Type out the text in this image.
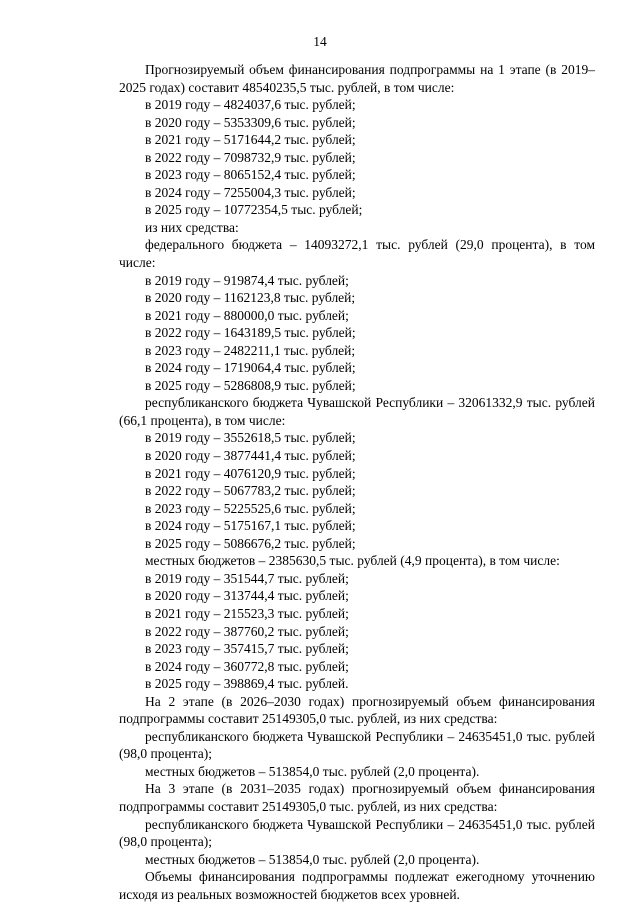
14

Прогнозируемый объем финансирования подпрограммы на 1 этапе (в 2019–2025 годах) составит 48540235,5 тыс. рублей, в том числе:

в 2019 году – 4824037,6 тыс. рублей;

в 2020 году – 5353309,6 тыс. рублей;

в 2021 году – 5171644,2 тыс. рублей;

в 2022 году – 7098732,9 тыс. рублей;

в 2023 году – 8065152,4 тыс. рублей;

в 2024 году – 7255004,3 тыс. рублей;

в 2025 году – 10772354,5 тыс. рублей;

из них средства:

федерального бюджета – 14093272,1 тыс. рублей (29,0 процента), в том числе:

в 2019 году – 919874,4 тыс. рублей;

в 2020 году – 1162123,8 тыс. рублей;

в 2021 году – 880000,0 тыс. рублей;

в 2022 году – 1643189,5 тыс. рублей;

в 2023 году – 2482211,1 тыс. рублей;

в 2024 году – 1719064,4 тыс. рублей;

в 2025 году – 5286808,9 тыс. рублей;

республиканского бюджета Чувашской Республики – 32061332,9 тыс. рублей (66,1 процента), в том числе:

в 2019 году – 3552618,5 тыс. рублей;

в 2020 году – 3877441,4 тыс. рублей;

в 2021 году – 4076120,9 тыс. рублей;

в 2022 году – 5067783,2 тыс. рублей;

в 2023 году – 5225525,6 тыс. рублей;

в 2024 году – 5175167,1 тыс. рублей;

в 2025 году – 5086676,2 тыс. рублей;

местных бюджетов – 2385630,5 тыс. рублей (4,9 процента), в том числе:

в 2019 году – 351544,7 тыс. рублей;

в 2020 году – 313744,4 тыс. рублей;

в 2021 году – 215523,3 тыс. рублей;

в 2022 году – 387760,2 тыс. рублей;

в 2023 году – 357415,7 тыс. рублей;

в 2024 году – 360772,8 тыс. рублей;

в 2025 году – 398869,4 тыс. рублей.

На 2 этапе (в 2026–2030 годах) прогнозируемый объем финансирования подпрограммы составит 25149305,0 тыс. рублей, из них средства:

республиканского бюджета Чувашской Республики – 24635451,0 тыс. рублей (98,0 процента);

местных бюджетов – 513854,0 тыс. рублей (2,0 процента).

На 3 этапе (в 2031–2035 годах) прогнозируемый объем финансирования подпрограммы составит 25149305,0 тыс. рублей, из них средства:

республиканского бюджета Чувашской Республики – 24635451,0 тыс. рублей (98,0 процента);

местных бюджетов – 513854,0 тыс. рублей (2,0 процента).

Объемы финансирования подпрограммы подлежат ежегодному уточнению исходя из реальных возможностей бюджетов всех уровней.
